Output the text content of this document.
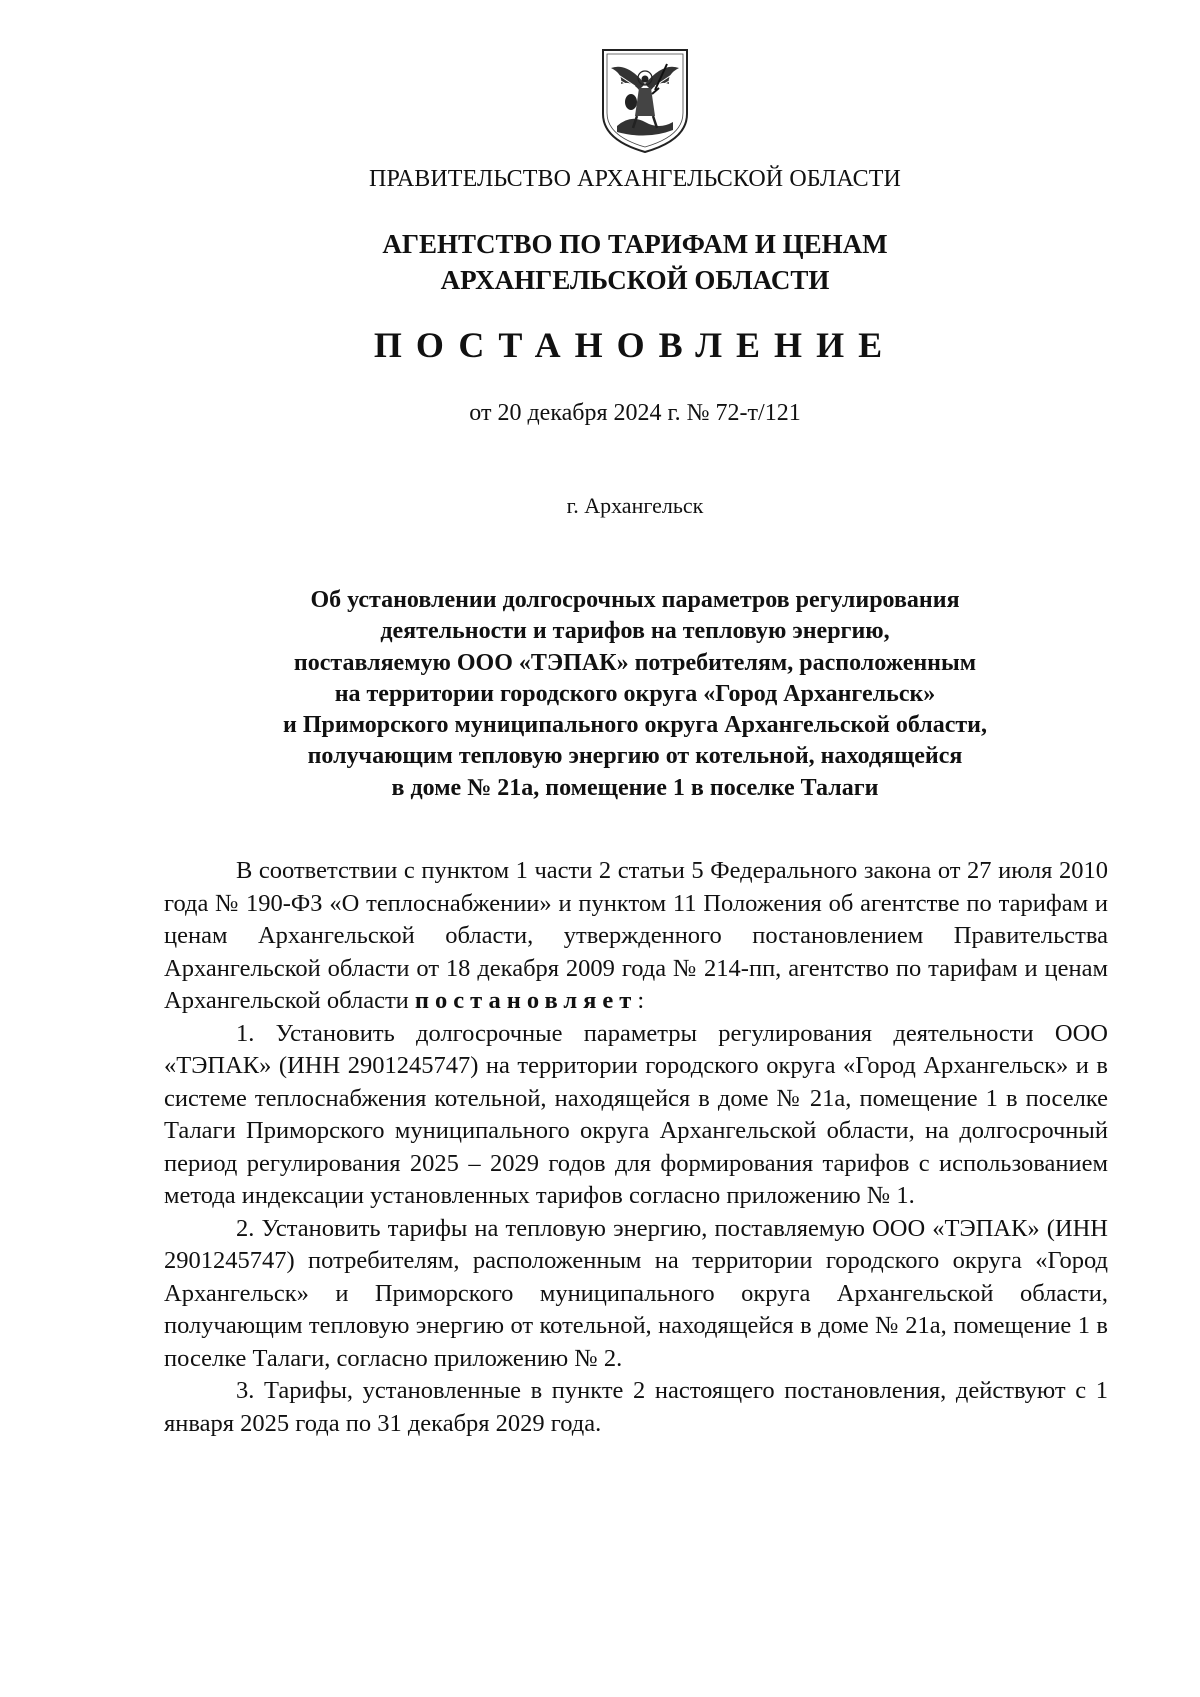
ПРАВИТЕЛЬСТВО АРХАНГЕЛЬСКОЙ ОБЛАСТИ
АГЕНТСТВО ПО ТАРИФАМ И ЦЕНАМ
АРХАНГЕЛЬСКОЙ ОБЛАСТИ
ПОСТАНОВЛЕНИЕ
от 20 декабря 2024 г. № 72-т/121
г. Архангельск
Об установлении долгосрочных параметров регулирования
деятельности и тарифов на тепловую энергию,
поставляемую ООО «ТЭПАК» потребителям, расположенным
на территории городского округа «Город Архангельск»
и Приморского муниципального округа Архангельской области,
получающим тепловую энергию от котельной, находящейся
в доме № 21а, помещение 1 в поселке Талаги

В соответствии с пунктом 1 части 2 статьи 5 Федерального закона от 27 июля 2010 года № 190-ФЗ «О теплоснабжении» и пунктом 11 Положения об агентстве по тарифам и ценам Архангельской области, утвержденного постановлением Правительства Архангельской области от 18 декабря 2009 года № 214-пп, агентство по тарифам и ценам Архангельской области постановляет:

1. Установить долгосрочные параметры регулирования деятельности ООО «ТЭПАК» (ИНН 2901245747) на территории городского округа «Город Архангельск» и в системе теплоснабжения котельной, находящейся в доме № 21а, помещение 1 в поселке Талаги Приморского муниципального округа Архангельской области, на долгосрочный период регулирования 2025 – 2029 годов для формирования тарифов с использованием метода индексации установленных тарифов согласно приложению № 1.

2. Установить тарифы на тепловую энергию, поставляемую ООО «ТЭПАК» (ИНН 2901245747) потребителям, расположенным на территории городского округа «Город Архангельск» и Приморского муниципального округа Архангельской области, получающим тепловую энергию от котельной, находящейся в доме № 21а, помещение 1 в поселке Талаги, согласно приложению № 2.

3. Тарифы, установленные в пункте 2 настоящего постановления, действуют с 1 января 2025 года по 31 декабря 2029 года.
